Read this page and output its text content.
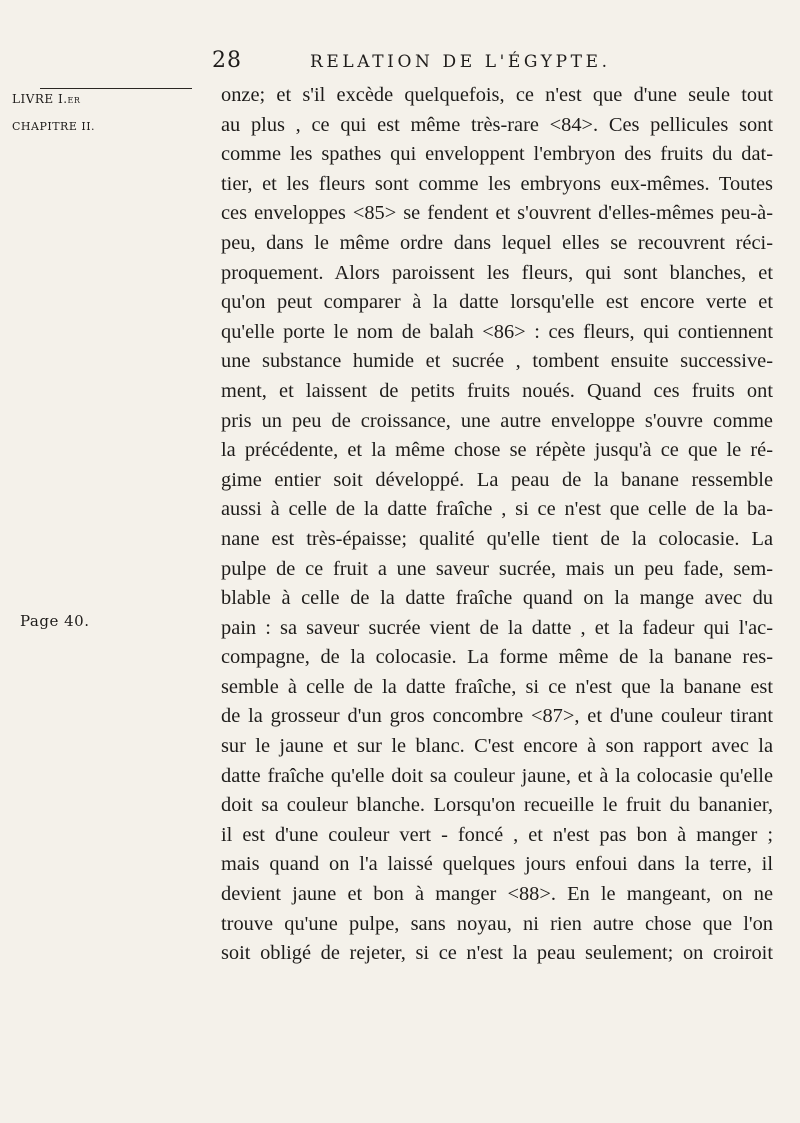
28	RELATION DE L'ÉGYPTE.
LIVRE I.er
CHAPITRE II.
Page 40.
onze; et s'il excède quelquefois, ce n'est que d'une seule tout
au plus , ce qui est même très-rare <84>. Ces pellicules sont
comme les spathes qui enveloppent l'embryon des fruits du dat-
tier, et les fleurs sont comme les embryons eux-mêmes. Toutes
ces enveloppes <85> se fendent et s'ouvrent d'elles-mêmes peu-à-
peu, dans le même ordre dans lequel elles se recouvrent réci-
proquement. Alors paroissent les fleurs, qui sont blanches, et
qu'on peut comparer à la datte lorsqu'elle est encore verte et
qu'elle porte le nom de balah <86> : ces fleurs, qui contiennent
une substance humide et sucrée , tombent ensuite successive-
ment, et laissent de petits fruits noués. Quand ces fruits ont
pris un peu de croissance, une autre enveloppe s'ouvre comme
la précédente, et la même chose se répète jusqu'à ce que le ré-
gime entier soit développé. La peau de la banane ressemble
aussi à celle de la datte fraîche , si ce n'est que celle de la ba-
nane est très-épaisse; qualité qu'elle tient de la colocasie. La
pulpe de ce fruit a une saveur sucrée, mais un peu fade, sem-
blable à celle de la datte fraîche quand on la mange avec du
pain : sa saveur sucrée vient de la datte , et la fadeur qui l'ac-
compagne, de la colocasie. La forme même de la banane res-
semble à celle de la datte fraîche, si ce n'est que la banane est
de la grosseur d'un gros concombre <87>, et d'une couleur tirant
sur le jaune et sur le blanc. C'est encore à son rapport avec la
datte fraîche qu'elle doit sa couleur jaune, et à la colocasie qu'elle
doit sa couleur blanche. Lorsqu'on recueille le fruit du bananier,
il est d'une couleur vert - foncé , et n'est pas bon à manger ;
mais quand on l'a laissé quelques jours enfoui dans la terre, il
devient jaune et bon à manger <88>. En le mangeant, on ne
trouve qu'une pulpe, sans noyau, ni rien autre chose que l'on
soit obligé de rejeter, si ce n'est la peau seulement; on croiroit
